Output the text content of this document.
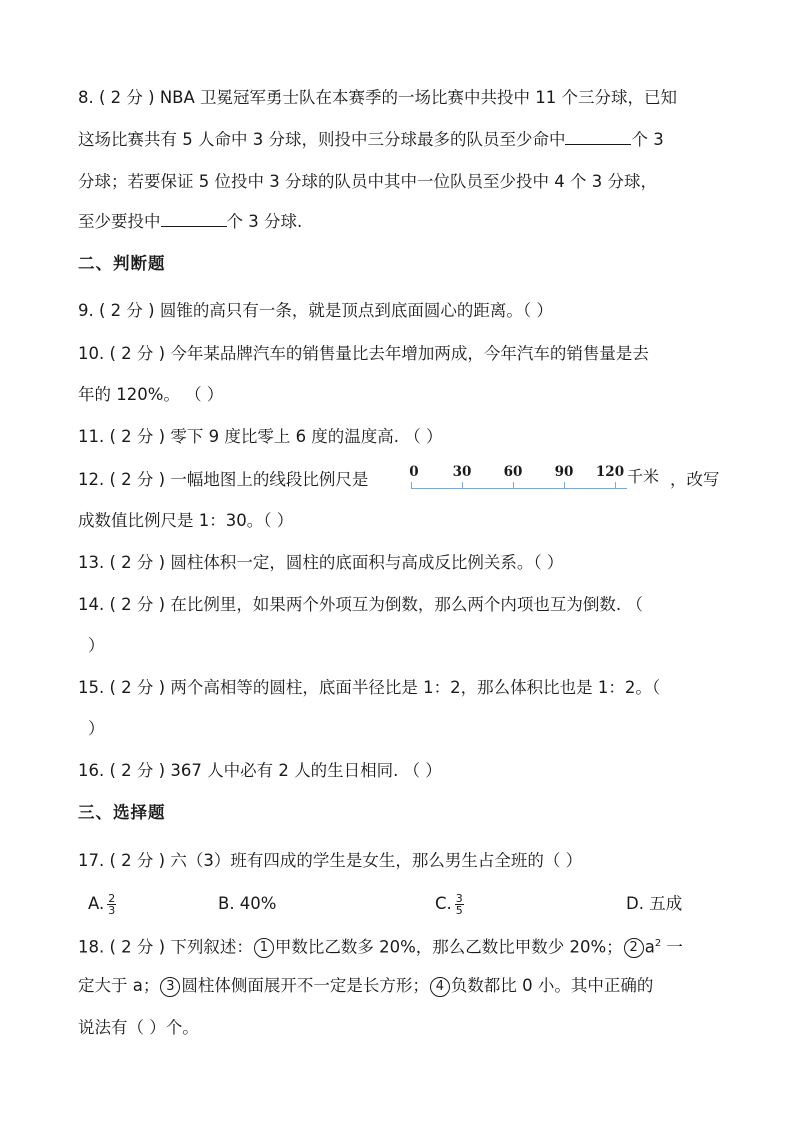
8. ( 2 分 ) NBA 卫冕冠军勇士队在本赛季的一场比赛中共投中 11 个三分球，已知
这场比赛共有 5 人命中 3 分球，则投中三分球最多的队员至少命中	个 3
分球；若要保证 5 位投中 3 分球的队员中其中一位队员至少投中 4 个 3 分球，
至少要投中	个 3 分球.
二、判断题
9. ( 2 分 ) 圆锥的高只有一条，就是顶点到底面圆心的距离。（ ）
10. ( 2 分 ) 今年某品牌汽车的销售量比去年增加两成，今年汽车的销售量是去
年的 120%。 （ ）
11. ( 2 分 ) 零下 9 度比零上 6 度的温度高. （ ）
12. ( 2 分 ) 一幅地图上的线段比例尺是	0	30 60 90 120 千米 ，改写
成数值比例尺是 1：30。（ ）
13. ( 2 分 ) 圆柱体积一定，圆柱的底面积与高成反比例关系。（ ）
14. ( 2 分 ) 在比例里，如果两个外项互为倒数，那么两个内项也互为倒数. （
）
15. ( 2 分 ) 两个高相等的圆柱，底面半径比是 1：2，那么体积比也是 1：2。（
）
16. ( 2 分 ) 367 人中必有 2 人的生日相同. （ ）
三、选择题
17. ( 2 分 ) 六（3）班有四成的学生是女生，那么男生占全班的（ ）
A. $\frac{2}{3}$	B. 40%	C. $\frac{3}{5}$	D. 五成
18. ( 2 分 ) 下列叙述： 1 甲数比乙数多 20%，那么乙数比甲数少 20%； 2 $a^2$ 一
定大于 a； 3 圆柱体侧面展开不一定是长方形； 4 负数都比 0 小。其中正确的
说法有（ ）个。
